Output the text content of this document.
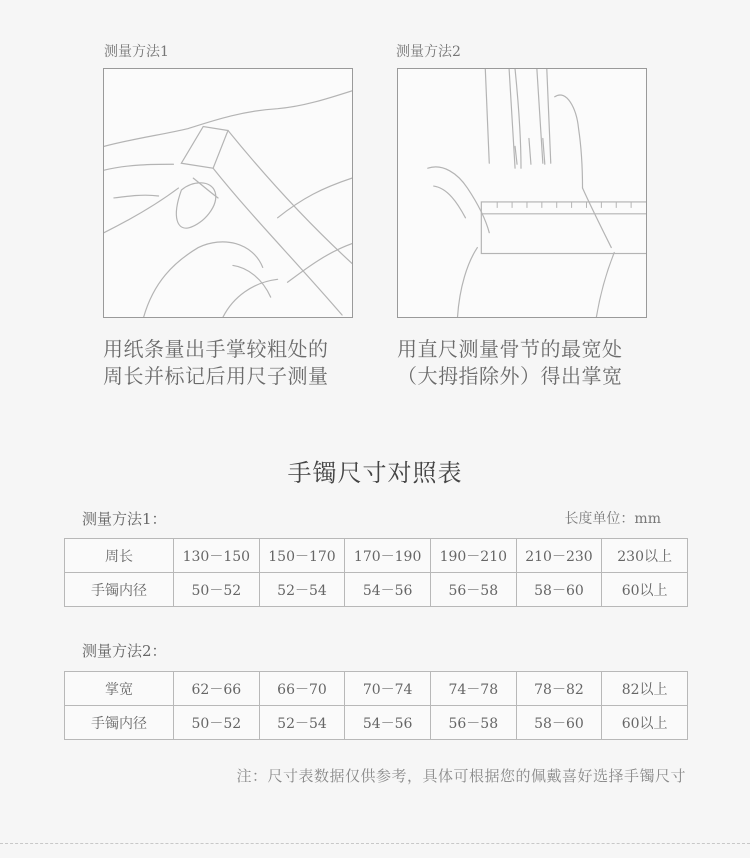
测量方法1
用纸条量出手掌较粗处的
周长并标记后用尺子测量
测量方法2
用直尺测量骨节的最宽处
（大拇指除外）得出掌宽
手镯尺寸对照表
测量方法1：	长度单位：mm
周长	130－150	150－170	170－190	190－210	210－230	230以上
手镯内径	50－52	52－54	54－56	56－58	58－60	60以上
测量方法2：
掌宽	62－66	66－70	70－74	74－78	78－82	82以上
手镯内径	50－52	52－54	54－56	56－58	58－60	60以上
注：尺寸表数据仅供参考，具体可根据您的佩戴喜好选择手镯尺寸
